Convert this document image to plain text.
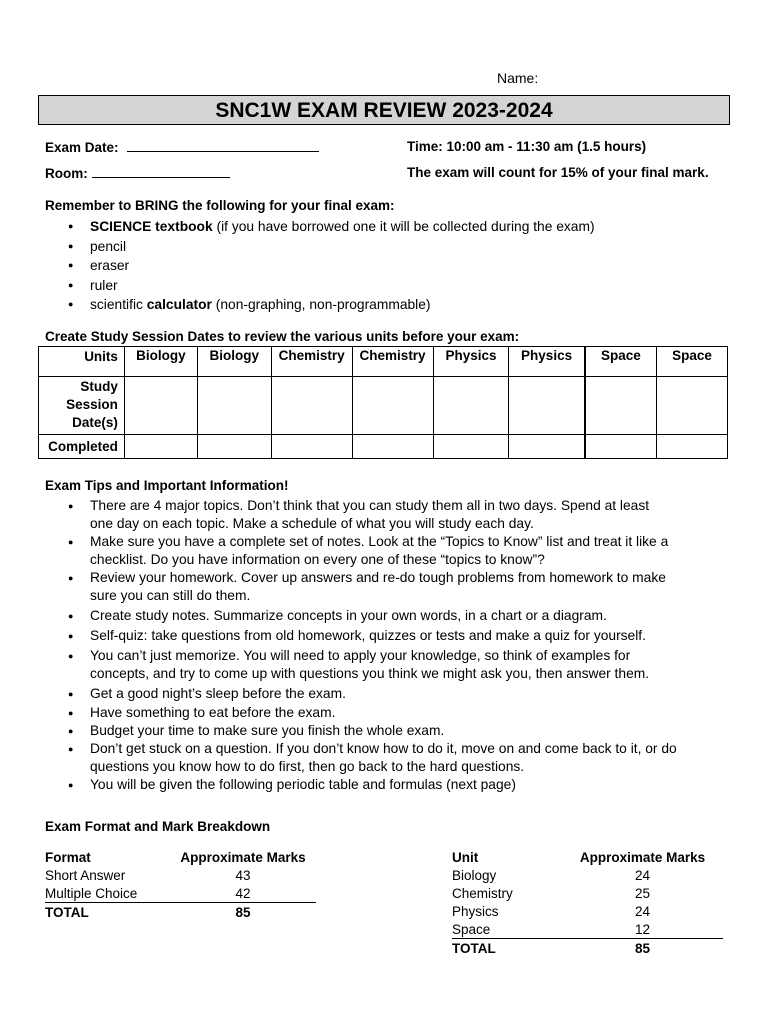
Name:
SNC1W EXAM REVIEW 2023-2024
Exam Date:
Room:
Time: 10:00 am - 11:30 am (1.5 hours)
The exam will count for 15% of your final mark.
Remember to BRING the following for your final exam:
● SCIENCE textbook (if you have borrowed one it will be collected during the exam)
● pencil
● eraser
● ruler
● scientific calculator (non-graphing, non-programmable)
Create Study Session Dates to review the various units before your exam:
Units	Biology	Biology	Chemistry	Chemistry	Physics	Physics	Space	Space

Study
Session
Date(s)								

Completed								
Exam Tips and Important Information!
● There are 4 major topics. Don’t think that you can study them all in two days. Spend at least
one day on each topic. Make a schedule of what you will study each day.
● Make sure you have a complete set of notes. Look at the “Topics to Know” list and treat it like a
checklist. Do you have information on every one of these “topics to know”?
● Review your homework. Cover up answers and re-do tough problems from homework to make
sure you can still do them.
● Create study notes. Summarize concepts in your own words, in a chart or a diagram.
● Self-quiz: take questions from old homework, quizzes or tests and make a quiz for yourself.
● You can’t just memorize. You will need to apply your knowledge, so think of examples for
concepts, and try to come up with questions you think we might ask you, then answer them.
● Get a good night’s sleep before the exam.
● Have something to eat before the exam.
● Budget your time to make sure you finish the whole exam.
● Don’t get stuck on a question. If you don’t know how to do it, move on and come back to it, or do
questions you know how to do first, then go back to the hard questions.
● You will be given the following periodic table and formulas (next page)
Exam Format and Mark Breakdown
Format	Approximate Marks
Short Answer	43
Multiple Choice	42
TOTAL	85
Unit	Approximate Marks
Biology	24
Chemistry	25
Physics	24
Space	12
TOTAL	85
